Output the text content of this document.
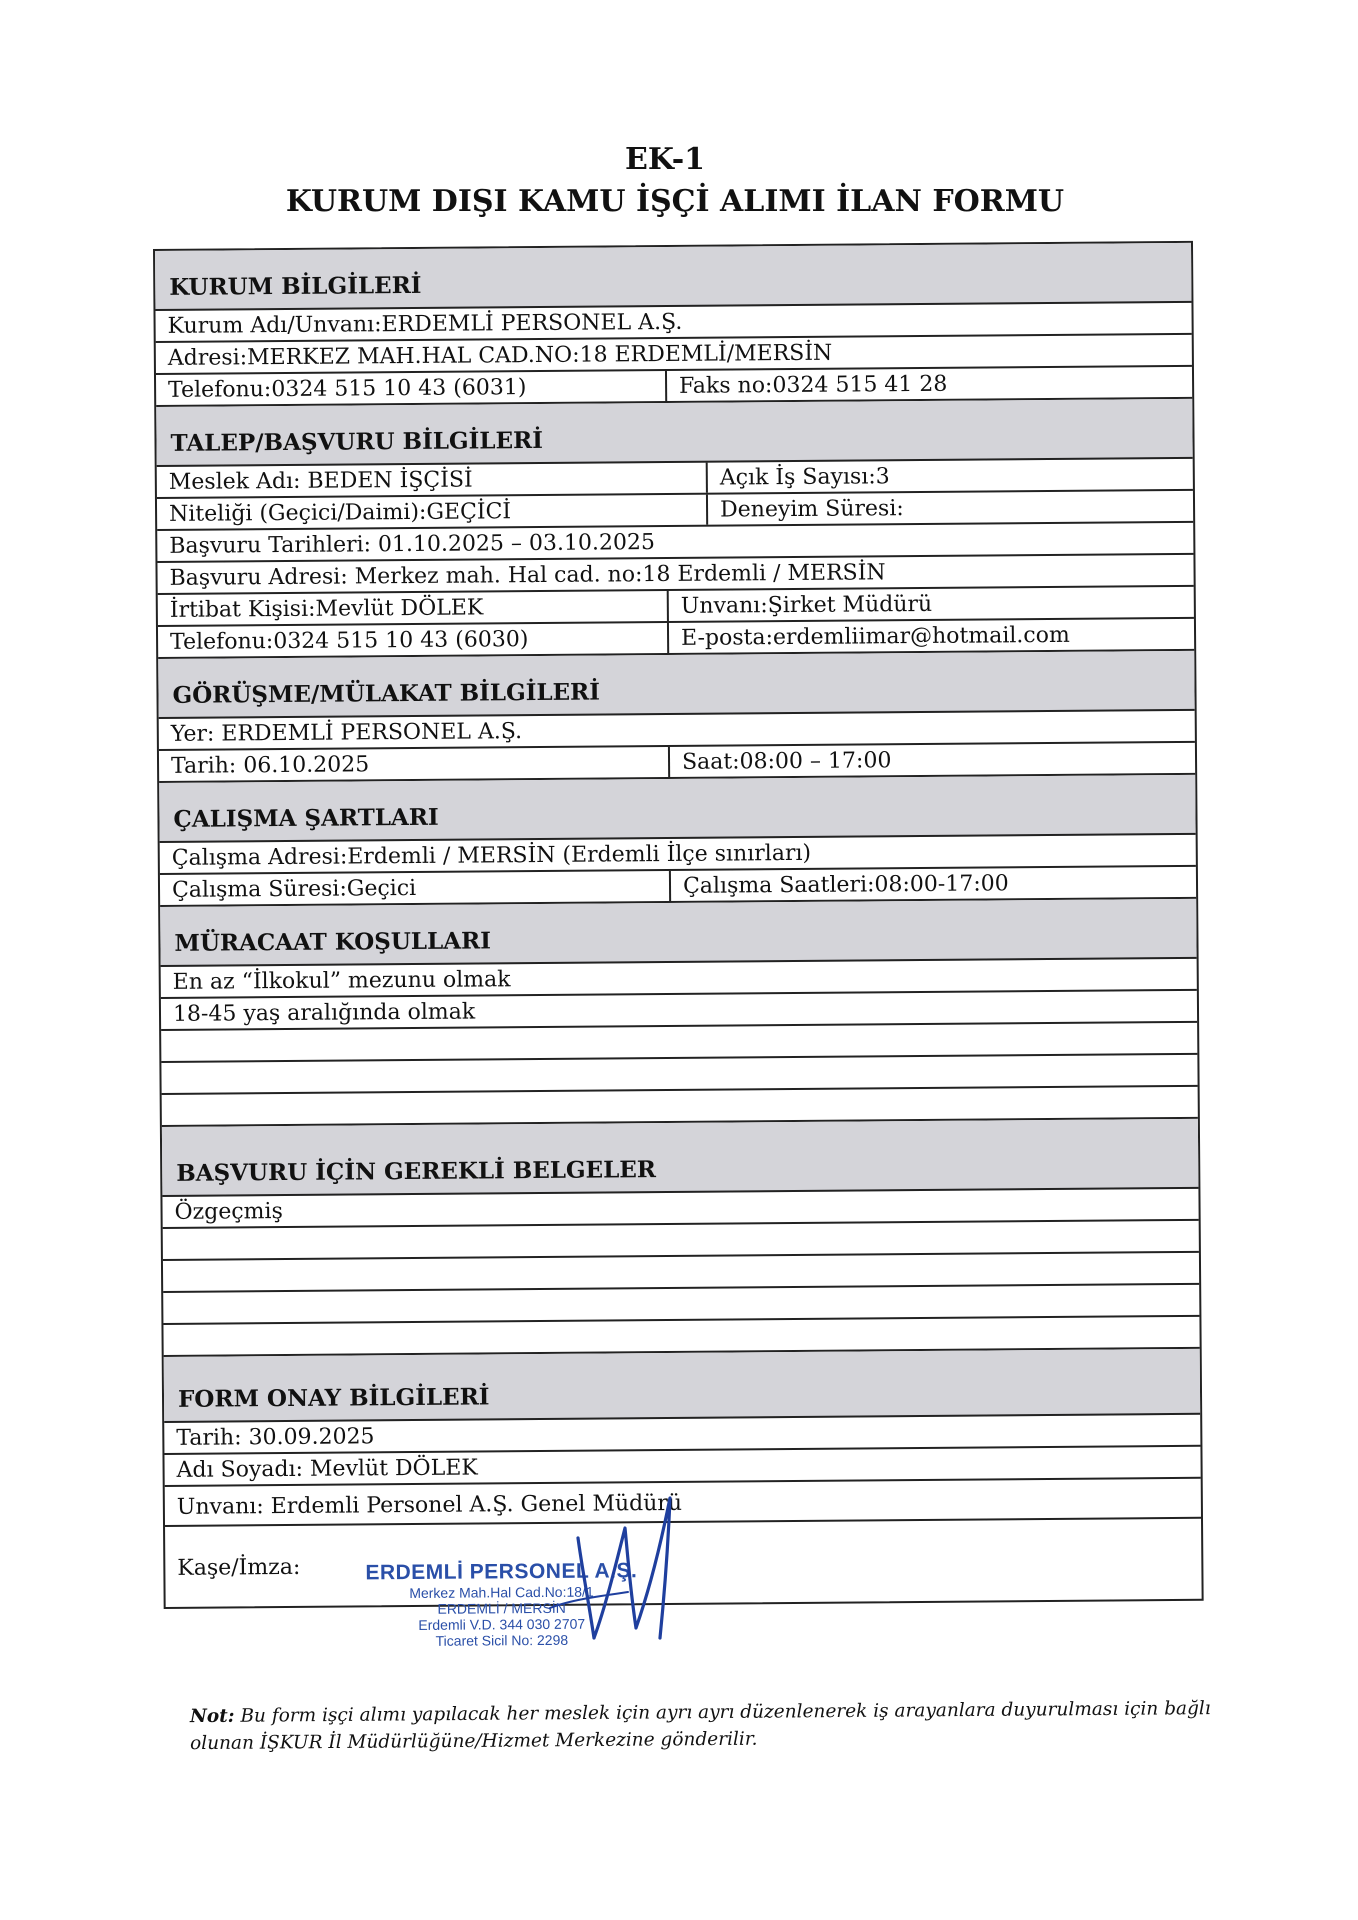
EK-1
KURUM DIŞI KAMU İŞÇİ ALIMI İLAN FORMU
KURUM BİLGİLERİ
Kurum Adı/Unvanı:ERDEMLİ PERSONEL A.Ş.
Adresi:MERKEZ MAH.HAL CAD.NO:18 ERDEMLİ/MERSİN
Telefonu:0324 515 10 43 (6031)	Faks no:0324 515 41 28
TALEP/BAŞVURU BİLGİLERİ
Meslek Adı: BEDEN İŞÇİSİ	Açık İş Sayısı:3
Niteliği (Geçici/Daimi):GEÇİCİ	Deneyim Süresi:
Başvuru Tarihleri: 01.10.2025 – 03.10.2025
Başvuru Adresi: Merkez mah. Hal cad. no:18 Erdemli / MERSİN
İrtibat Kişisi:Mevlüt DÖLEK	Unvanı:Şirket Müdürü
Telefonu:0324 515 10 43 (6030)	E-posta:erdemliimar@hotmail.com
GÖRÜŞME/MÜLAKAT BİLGİLERİ
Yer: ERDEMLİ PERSONEL A.Ş.
Tarih: 06.10.2025	Saat:08:00 – 17:00
ÇALIŞMA ŞARTLARI
Çalışma Adresi:Erdemli / MERSİN (Erdemli İlçe sınırları)
Çalışma Süresi:Geçici	Çalışma Saatleri:08:00-17:00
MÜRACAAT KOŞULLARI
En az “İlkokul” mezunu olmak
18-45 yaş aralığında olmak
BAŞVURU İÇİN GEREKLİ BELGELER
Özgeçmiş
FORM ONAY BİLGİLERİ
Tarih: 30.09.2025
Adı Soyadı: Mevlüt DÖLEK
Unvanı: Erdemli Personel A.Ş. Genel Müdürü
Kaşe/İmza:	ERDEMLİ PERSONEL A.Ş.
Merkez Mah.Hal Cad.No:18/1
ERDEMLİ / MERSİN
Erdemli V.D. 344 030 2707
Ticaret Sicil No: 2298
Not: Bu form işçi alımı yapılacak her meslek için ayrı ayrı düzenlenerek iş arayanlara duyurulması için bağlı olunan İŞKUR İl Müdürlüğüne/Hizmet Merkezine gönderilir.
